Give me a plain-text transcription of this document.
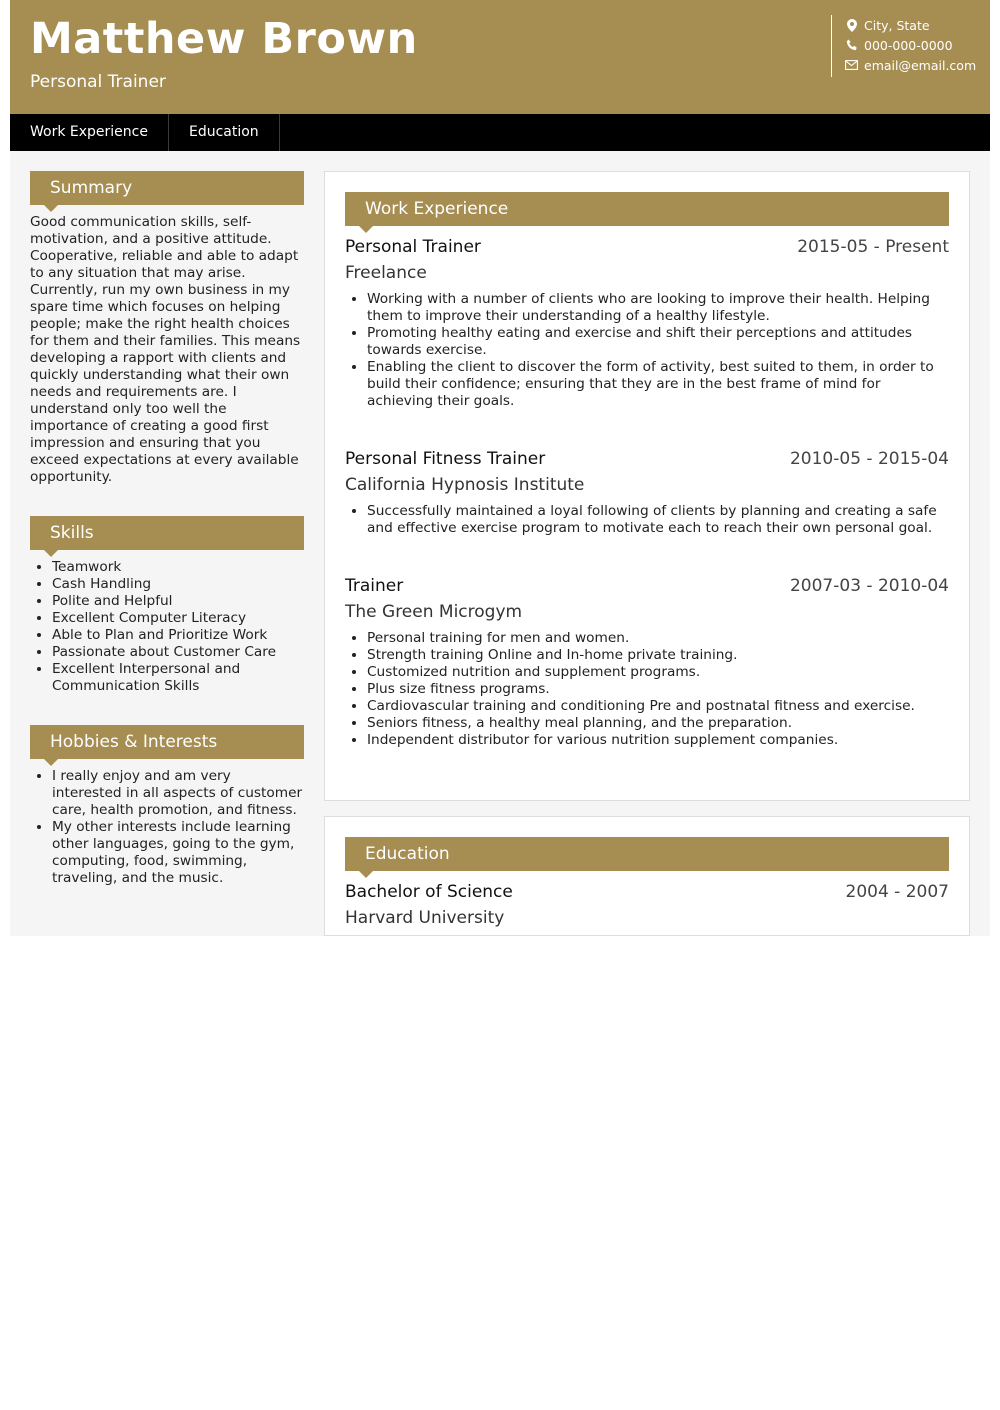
Matthew Brown
Personal Trainer
City, State
000-000-0000
email@email.com
Work Experience	Education
Summary

Good communication skills, self-motivation, and a positive attitude. Cooperative, reliable and able to adapt to any situation that may arise. Currently, run my own business in my spare time which focuses on helping people; make the right health choices for them and their families. This means developing a rapport with clients and quickly understanding what their own needs and requirements are. I understand only too well the importance of creating a good first impression and ensuring that you exceed expectations at every available opportunity.

Skills
• Teamwork
• Cash Handling
• Polite and Helpful
• Excellent Computer Literacy
• Able to Plan and Prioritize Work
• Passionate about Customer Care
• Excellent Interpersonal and Communication Skills
Hobbies & Interests
• I really enjoy and am very interested in all aspects of customer care, health promotion, and fitness.
• My other interests include learning other languages, going to the gym, computing, food, swimming, traveling, and the music.
Work Experience
Personal Trainer	2015-05 - Present
Freelance
• Working with a number of clients who are looking to improve their health. Helping them to improve their understanding of a healthy lifestyle.
• Promoting healthy eating and exercise and shift their perceptions and attitudes towards exercise.
• Enabling the client to discover the form of activity, best suited to them, in order to build their confidence; ensuring that they are in the best frame of mind for achieving their goals.
Personal Fitness Trainer	2010-05 - 2015-04
California Hypnosis Institute
• Successfully maintained a loyal following of clients by planning and creating a safe and effective exercise program to motivate each to reach their own personal goal.
Trainer	2007-03 - 2010-04
The Green Microgym
• Personal training for men and women.
• Strength training Online and In-home private training.
• Customized nutrition and supplement programs.
• Plus size fitness programs.
• Cardiovascular training and conditioning Pre and postnatal fitness and exercise.
• Seniors fitness, a healthy meal planning, and the preparation.
• Independent distributor for various nutrition supplement companies.
Education
Bachelor of Science	2004 - 2007
Harvard University
